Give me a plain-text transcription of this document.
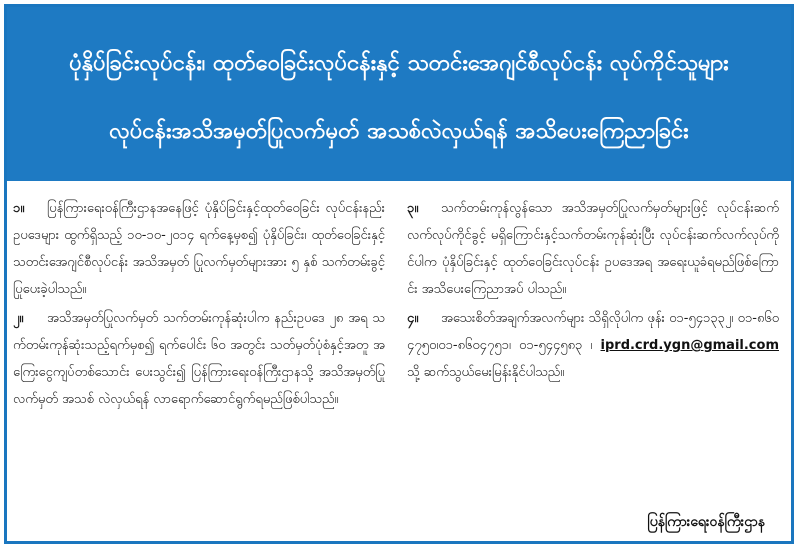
ပုံနှိပ်ခြင်းလုပ်ငန်း၊ ထုတ်ဝေခြင်းလုပ်ငန်းနှင့် သတင်းအေဂျင်စီလုပ်ငန်း လုပ်ကိုင်သူများ
လုပ်ငန်းအသိအမှတ်ပြုလက်မှတ် အသစ်လဲလှယ်ရန် အသိပေးကြေညာခြင်း

၁။ ပြန်ကြားရေးဝန်ကြီးဌာနအနေဖြင့် ပုံနှိပ်ခြင်းနှင့်ထုတ်ဝေခြင်း လုပ်ငန်းနည်းဥပဒေများ ထွက်ရှိသည့် ၁၀-၁၀-၂၀၁၄ ရက်နေ့မှစ၍ ပုံနှိပ်ခြင်း၊ ထုတ်ဝေခြင်းနှင့် သတင်းအေဂျင်စီလုပ်ငန်း အသိအမှတ် ပြုလက်မှတ်များအား ၅ နှစ် သက်တမ်းခွင့်ပြုပေးခဲ့ပါသည်။

၂။ အသိအမှတ်ပြုလက်မှတ် သက်တမ်းကုန်ဆုံးပါက နည်းဥပဒေ ၂၈ အရ သက်တမ်းကုန်ဆုံးသည့်ရက်မှစ၍ ရက်ပေါင်း ၆၀ အတွင်း သတ်မှတ်ပုံစံနှင့်အတူ အကြေးငွေကျပ်တစ်သောင်း ပေးသွင်း၍ ပြန်ကြားရေးဝန်ကြီးဌာနသို့ အသိအမှတ်ပြုလက်မှတ် အသစ် လဲလှယ်ရန် လာရောက်ဆောင်ရွက်ရမည်ဖြစ်ပါသည်။

၃။ သက်တမ်းကုန်လွန်သော အသိအမှတ်ပြုလက်မှတ်များဖြင့် လုပ်ငန်းဆက်လက်လုပ်ကိုင်ခွင့် မရှိကြောင်းနှင့်သက်တမ်းကုန်ဆုံးပြီး လုပ်ငန်းဆက်လက်လုပ်ကိုင်ပါက ပုံနှိပ်ခြင်းနှင့် ထုတ်ဝေခြင်းလုပ်ငန်း ဥပဒေအရ အရေးယူခံရမည်ဖြစ်ကြောင်း အသိပေးကြေညာအပ် ပါသည်။

၄။ အသေးစိတ်အချက်အလက်များ သိရှိလိုပါက ဖုန်း ၀၁-၅၄၁၃၃၂၊ ၀၁-၈၆၀၄၇၅၀၊၀၁-၈၆၀၄၇၅၁၊ ၀၁-၅၄၄၅၈၃ ၊ iprd.crd.ygn@gmail.com သို့ ဆက်သွယ်မေးမြန်းနိုင်ပါသည်။

ပြန်ကြားရေးဝန်ကြီးဌာန
